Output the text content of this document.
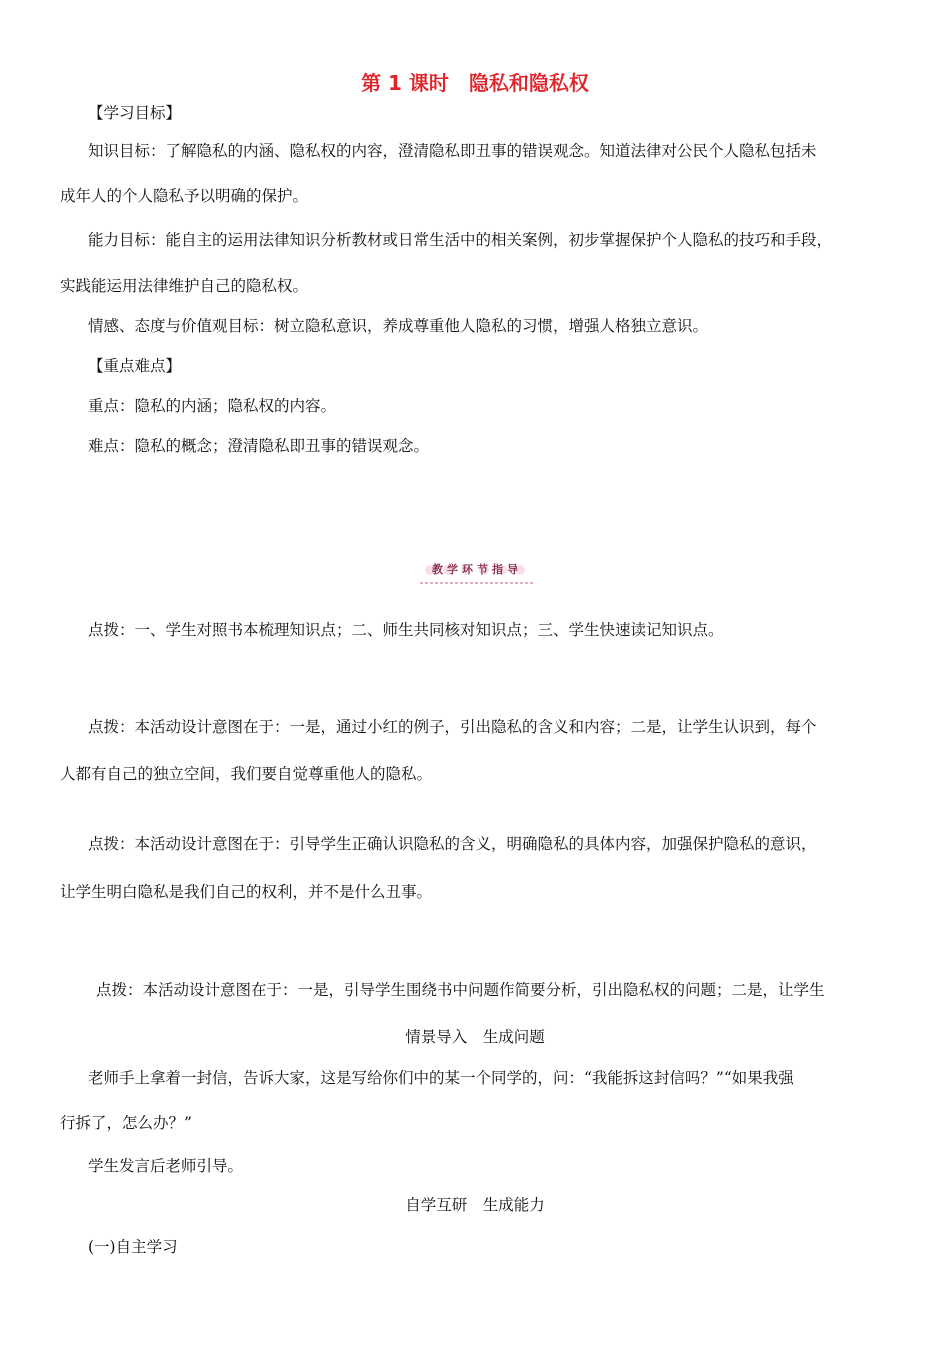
第 1 课时　隐私和隐私权
【学习目标】
知识目标：了解隐私的内涵、隐私权的内容，澄清隐私即丑事的错误观念。知道法律对公民个人隐私包括未
成年人的个人隐私予以明确的保护。
能力目标：能自主的运用法律知识分析教材或日常生活中的相关案例，初步掌握保护个人隐私的技巧和手段，
实践能运用法律维护自己的隐私权。
情感、态度与价值观目标：树立隐私意识，养成尊重他人隐私的习惯，增强人格独立意识。
【重点难点】
重点：隐私的内涵；隐私权的内容。
难点：隐私的概念；澄清隐私即丑事的错误观念。
教学环节指导
点拨：一、学生对照书本梳理知识点；二、师生共同核对知识点；三、学生快速读记知识点。
点拨：本活动设计意图在于：一是，通过小红的例子，引出隐私的含义和内容；二是，让学生认识到，每个
人都有自己的独立空间，我们要自觉尊重他人的隐私。
点拨：本活动设计意图在于：引导学生正确认识隐私的含义，明确隐私的具体内容，加强保护隐私的意识，
让学生明白隐私是我们自己的权利，并不是什么丑事。
点拨：本活动设计意图在于：一是，引导学生围绕书中问题作简要分析，引出隐私权的问题；二是，让学生
情景导入　生成问题
老师手上拿着一封信，告诉大家，这是写给你们中的某一个同学的，问：“我能拆这封信吗？”“如果我强
行拆了，怎么办？”
学生发言后老师引导。
自学互研　生成能力
(一)自主学习
